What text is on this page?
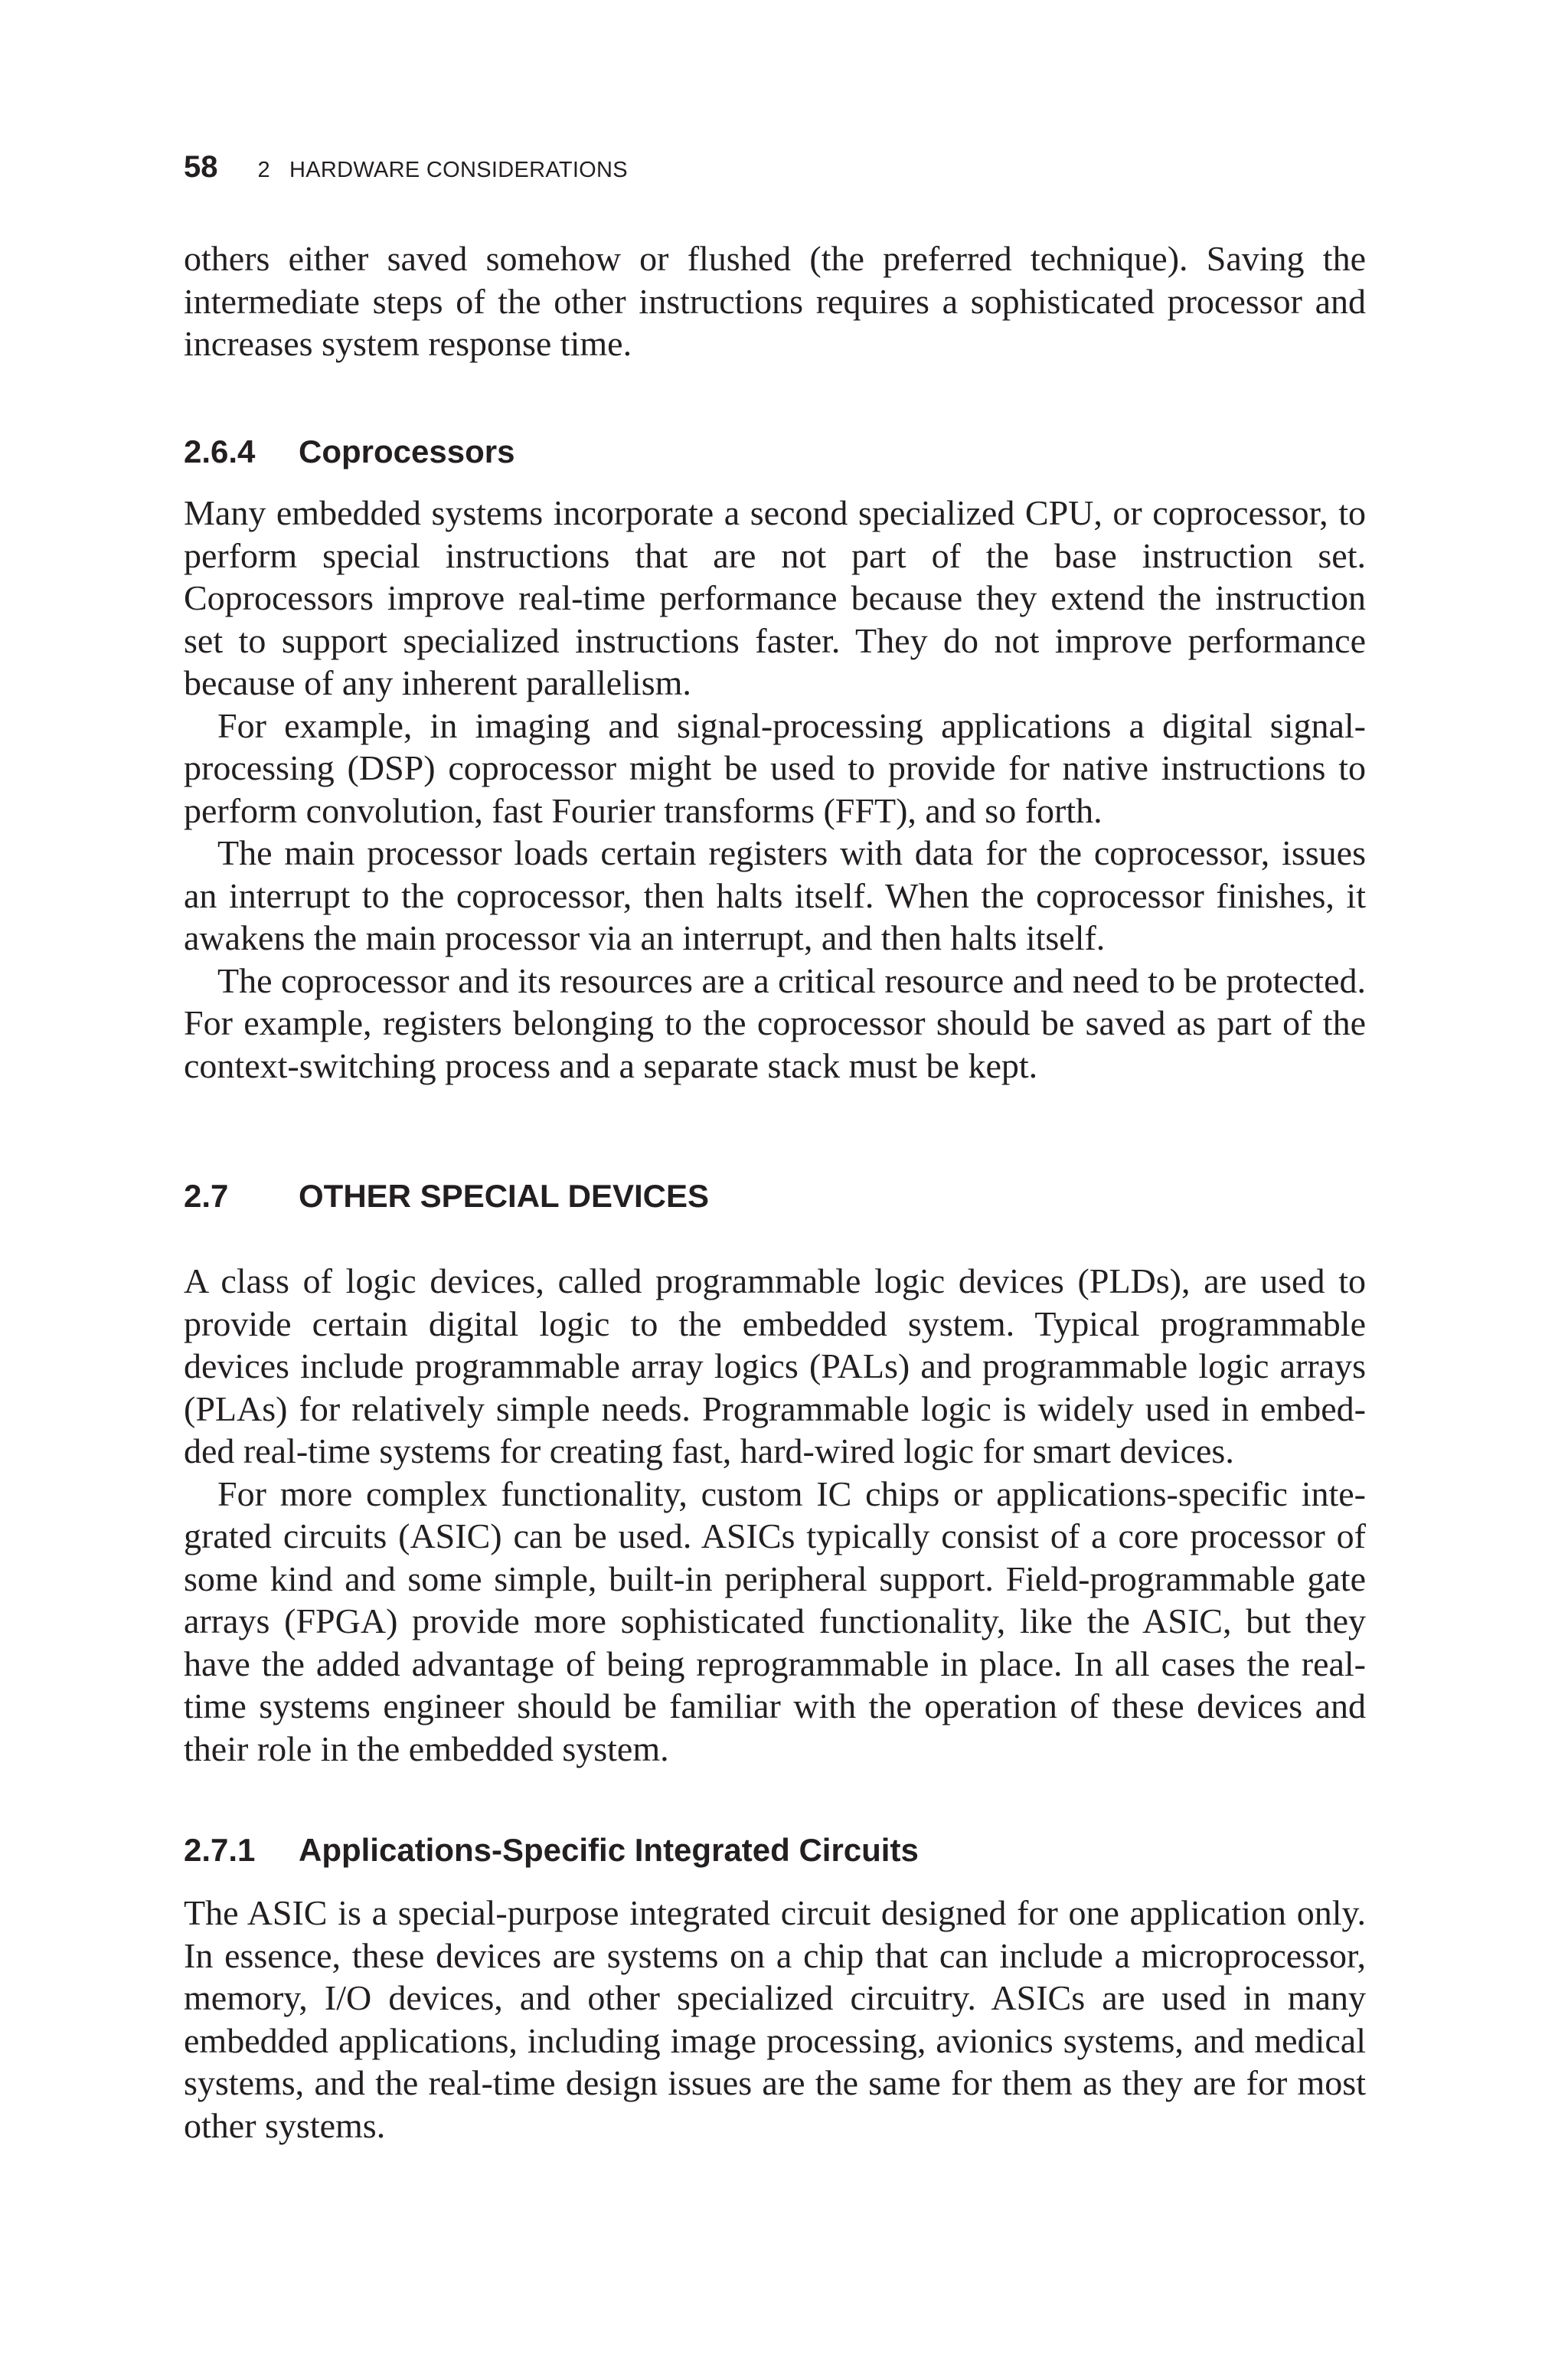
58 2   HARDWARE CONSIDERATIONS

others either saved somehow or flushed (the preferred technique). Saving the intermediate steps of the other instructions requires a sophisticated processor and increases system response time.

2.6.4 Coprocessors

Many embedded systems incorporate a second specialized CPU, or coprocessor, to perform special instructions that are not part of the base instruction set. Coprocessors improve real-time performance because they extend the instruction set to support specialized instructions faster. They do not improve performance because of any inherent parallelism.

For example, in imaging and signal-processing applications a digital signal-​processing (DSP) coprocessor might be used to provide for native instructions to perform convolution, fast Fourier transforms (FFT), and so forth.

The main processor loads certain registers with data for the coprocessor, issues an interrupt to the coprocessor, then halts itself. When the coprocessor finishes, it awakens the main processor via an interrupt, and then halts itself.

The coprocessor and its resources are a critical resource and need to be protected. For example, registers belonging to the coprocessor should be saved as part of the context-switching process and a separate stack must be kept.

2.7 OTHER SPECIAL DEVICES

A class of logic devices, called programmable logic devices (PLDs), are used to provide certain digital logic to the embedded system. Typical programmable devices include programmable array logics (PALs) and programmable logic arrays (PLAs) for relatively simple needs. Programmable logic is widely used in embedded real-time systems for creating fast, hard-wired logic for smart devices.

For more complex functionality, custom IC chips or applications-specific integrated circuits (ASIC) can be used. ASICs typically consist of a core processor of some kind and some simple, built-in peripheral support. Field-programmable gate arrays (FPGA) provide more sophisticated functionality, like the ASIC, but they have the added advantage of being reprogrammable in place. In all cases the real-time systems engineer should be familiar with the operation of these devices and their role in the embedded system.

2.7.1 Applications-Specific Integrated Circuits

The ASIC is a special-purpose integrated circuit designed for one application only. In essence, these devices are systems on a chip that can include a microprocessor, memory, I/O devices, and other specialized circuitry. ASICs are used in many embedded applications, including image processing, avionics systems, and medical systems, and the real-time design issues are the same for them as they are for most other systems.
